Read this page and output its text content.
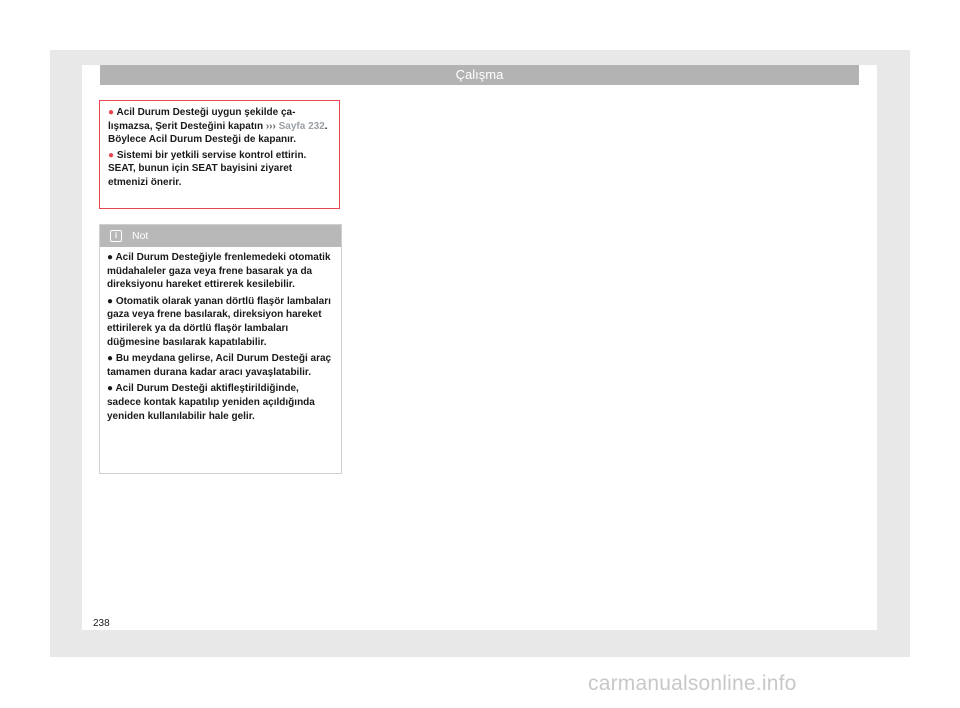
Çalışma

● Acil Durum Desteği uygun şekilde çalışmazsa, Şerit Desteğini kapatın ››› Sayfa 232. Böylece Acil Durum Desteği de kapanır.

● Sistemi bir yetkili servise kontrol ettirin. SEAT, bunun için SEAT bayisini ziyaret etmenizi önerir.

i	Not

● Acil Durum Desteğiyle frenlemedeki otomatik müdahaleler gaza veya frene basarak ya da direksiyonu hareket ettirerek kesilebilir.

● Otomatik olarak yanan dörtlü flaşör lambaları gaza veya frene basılarak, direksiyon hareket ettirilerek ya da dörtlü flaşör lambaları düğmesine basılarak kapatılabilir.

● Bu meydana gelirse, Acil Durum Desteği araç tamamen durana kadar aracı yavaşlatabilir.

● Acil Durum Desteği aktifleştirildiğinde, sadece kontak kapatılıp yeniden açıldığında yeniden kullanılabilir hale gelir.

238
carmanualsonline.info
